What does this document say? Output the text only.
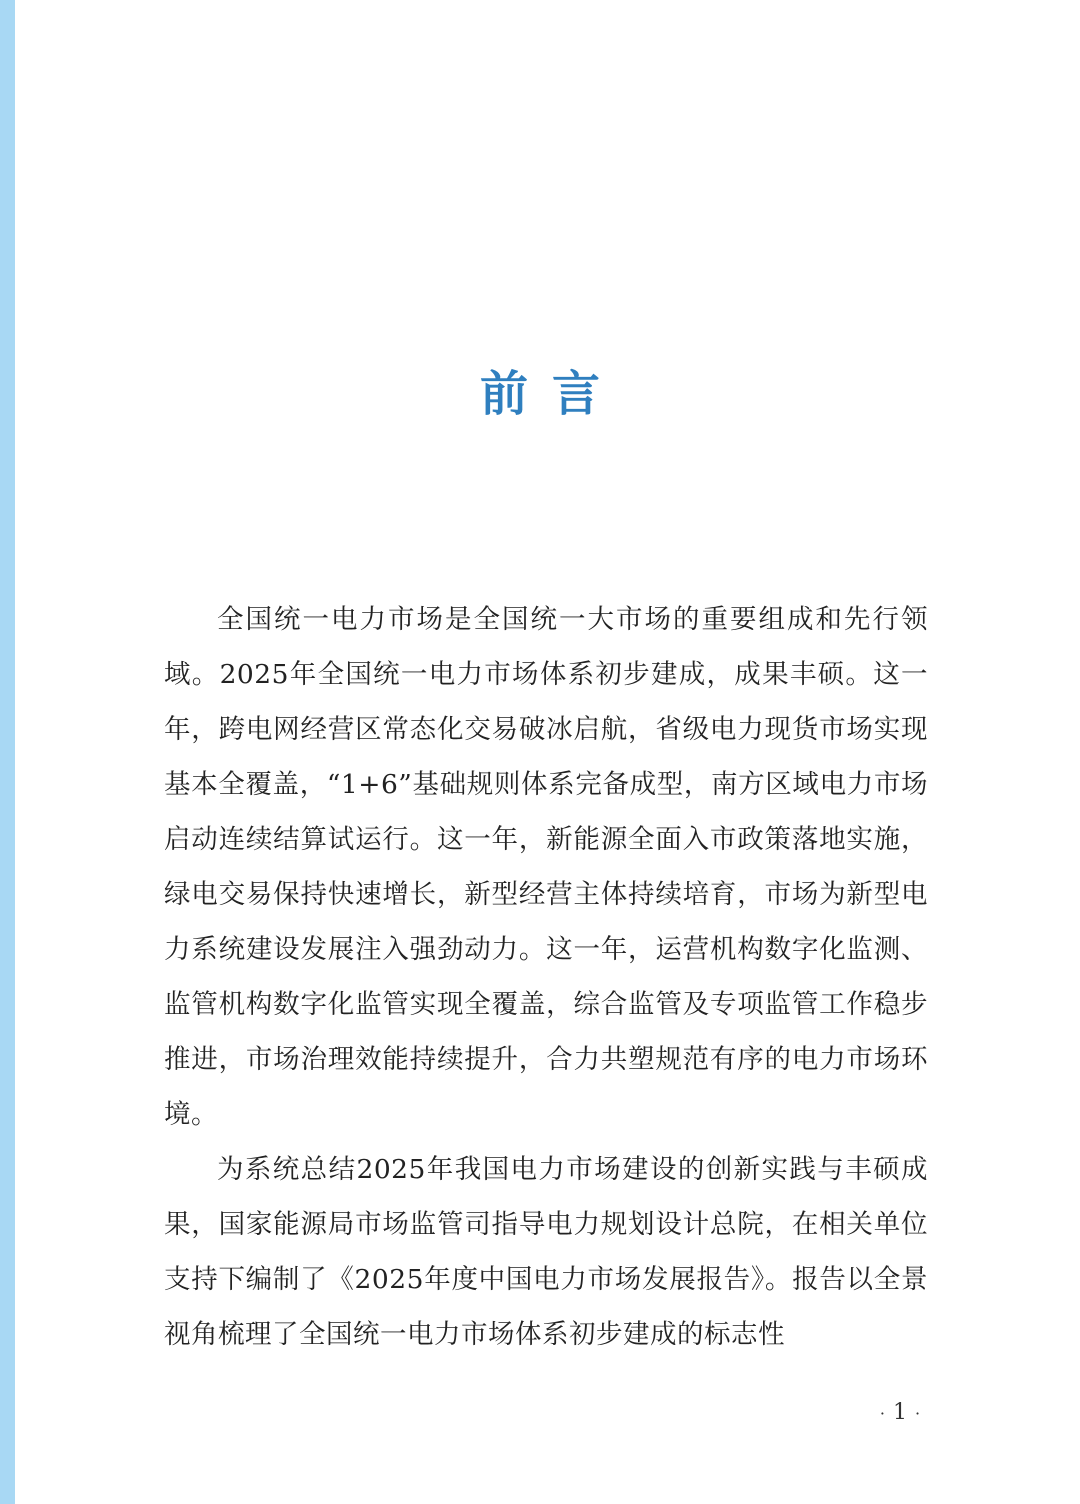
前言

全国统一电力市场是全国统一大市场的重要组成和先行领域。2025年全国统一电力市场体系初步建成，成果丰硕。这一年，跨电网经营区常态化交易破冰启航，省级电力现货市场实现基本全覆盖，“1+6”基础规则体系完备成型，南方区域电力市场启动连续结算试运行。这一年，新能源全面入市政策落地实施，绿电交易保持快速增长，新型经营主体持续培育，市场为新型电力系统建设发展注入强劲动力。这一年，运营机构数字化监测、监管机构数字化监管实现全覆盖，综合监管及专项监管工作稳步推进，市场治理效能持续提升，合力共塑规范有序的电力市场环境。

为系统总结2025年我国电力市场建设的创新实践与丰硕成果，国家能源局市场监管司指导电力规划设计总院，在相关单位支持下编制了《2025年度中国电力市场发展报告》。报告以全景视角梳理了全国统一电力市场体系初步建成的标志性

· 1 ·
